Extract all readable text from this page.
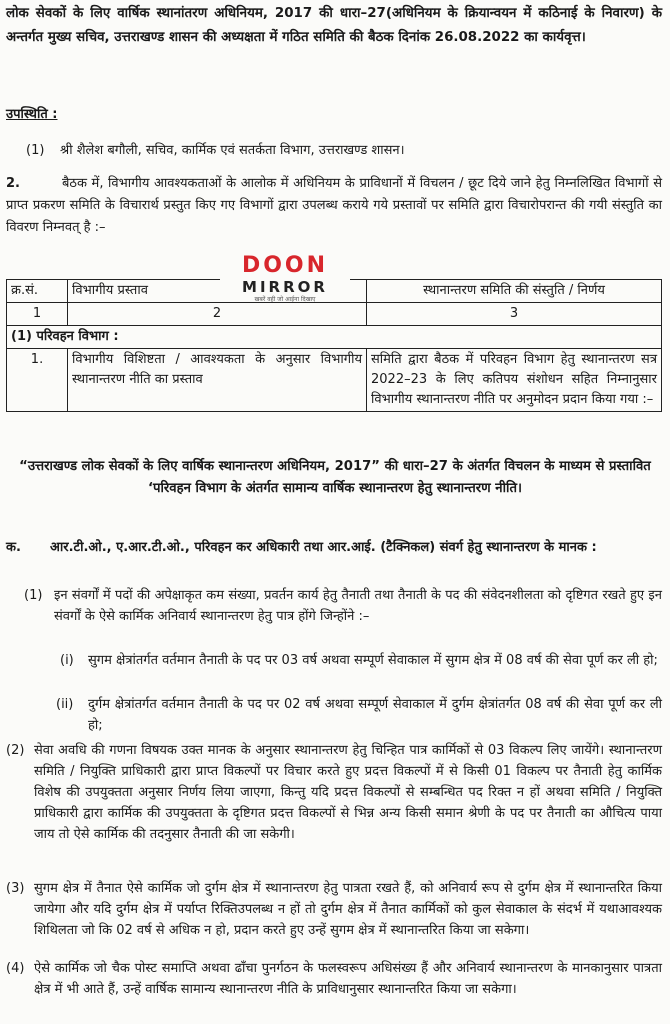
लोक सेवकों के लिए वार्षिक स्थानांतरण अधिनियम, 2017 की धारा–27(अधिनियम के क्रियान्वयन में कठिनाई के निवारण) के अन्तर्गत मुख्य सचिव, उत्तराखण्ड शासन की अध्यक्षता में गठित समिति की बैठक दिनांक 26.08.2022 का कार्यवृत्त।
उपस्थिति :
(1) श्री शैलेश बगौली, सचिव, कार्मिक एवं सतर्कता विभाग, उत्तराखण्ड शासन।
2.	बैठक में, विभागीय आवश्यकताओं के आलोक में अधिनियम के प्राविधानों में विचलन / छूट दिये जाने हेतु निम्नलिखित विभागों से प्राप्त प्रकरण समिति के विचारार्थ प्रस्तुत किए गए विभागों द्वारा उपलब्ध कराये गये प्रस्तावों पर समिति द्वारा विचारोपरान्त की गयी संस्तुति का विवरण निम्नवत् है :–
क्र.सं.	विभागीय प्रस्ताव	स्थानान्तरण समिति की संस्तुति / निर्णय
1	2	3
(1) परिवहन विभाग :		
1.	विभागीय विशिष्टता / आवश्यकता के अनुसार विभागीय स्थानान्तरण नीति का प्रस्ताव	समिति द्वारा बैठक में परिवहन विभाग हेतु स्थानान्तरण सत्र 2022–23 के लिए कतिपय संशोधन सहित निम्नानुसार विभागीय स्थानान्तरण नीति पर अनुमोदन प्रदान किया गया :–
DOON
MIRROR
खबरें वही जो आईना दिखाए
“उत्तराखण्ड लोक सेवकों के लिए वार्षिक स्थानान्तरण अधिनियम, 2017” की धारा–27 के अंतर्गत विचलन के माध्यम से प्रस्तावित ‘परिवहन विभाग के अंतर्गत सामान्य वार्षिक स्थानान्तरण हेतु स्थानान्तरण नीति।
क. आर.टी.ओ., ए.आर.टी.ओ., परिवहन कर अधिकारी तथा आर.आई. (टैक्निकल) संवर्ग हेतु स्थानान्तरण के मानक :
(1) इन संवर्गों में पदों की अपेक्षाकृत कम संख्या, प्रवर्तन कार्य हेतु तैनाती तथा तैनाती के पद की संवेदनशीलता को दृष्टिगत रखते हुए इन संवर्गों के ऐसे कार्मिक अनिवार्य स्थानान्तरण हेतु पात्र होंगे जिन्होंने :–
(i) सुगम क्षेत्रांतर्गत वर्तमान तैनाती के पद पर 03 वर्ष अथवा सम्पूर्ण सेवाकाल में सुगम क्षेत्र में 08 वर्ष की सेवा पूर्ण कर ली हो;
(ii) दुर्गम क्षेत्रांतर्गत वर्तमान तैनाती के पद पर 02 वर्ष अथवा सम्पूर्ण सेवाकाल में दुर्गम क्षेत्रांतर्गत 08 वर्ष की सेवा पूर्ण कर ली हो;
(2) सेवा अवधि की गणना विषयक उक्त मानक के अनुसार स्थानान्तरण हेतु चिन्हित पात्र कार्मिकों से 03 विकल्प लिए जायेंगे। स्थानान्तरण समिति / नियुक्ति प्राधिकारी द्वारा प्राप्त विकल्पों पर विचार करते हुए प्रदत्त विकल्पों में से किसी 01 विकल्प पर तैनाती हेतु कार्मिक विशेष की उपयुक्तता अनुसार निर्णय लिया जाएगा, किन्तु यदि प्रदत्त विकल्पों से सम्बन्धित पद रिक्त न हों अथवा समिति / नियुक्ति प्राधिकारी द्वारा कार्मिक की उपयुक्तता के दृष्टिगत प्रदत्त विकल्पों से भिन्न अन्य किसी समान श्रेणी के पद पर तैनाती का औचित्य पाया जाय तो ऐसे कार्मिक की तदनुसार तैनाती की जा सकेगी।
(3) सुगम क्षेत्र में तैनात ऐसे कार्मिक जो दुर्गम क्षेत्र में स्थानान्तरण हेतु पात्रता रखते हैं, को अनिवार्य रूप से दुर्गम क्षेत्र में स्थानान्तरित किया जायेगा और यदि दुर्गम क्षेत्र में पर्याप्त रिक्तिउपलब्ध न हों तो दुर्गम क्षेत्र में तैनात कार्मिकों को कुल सेवाकाल के संदर्भ में यथाआवश्यक शिथिलता जो कि 02 वर्ष से अधिक न हो, प्रदान करते हुए उन्हें सुगम क्षेत्र में स्थानान्तरित किया जा सकेगा।
(4) ऐसे कार्मिक जो चैक पोस्ट समाप्ति अथवा ढाँचा पुनर्गठन के फलस्वरूप अधिसंख्य हैं और अनिवार्य स्थानान्तरण के मानकानुसार पात्रता क्षेत्र में भी आते हैं, उन्हें वार्षिक सामान्य स्थानान्तरण नीति के प्राविधानुसार स्थानान्तरित किया जा सकेगा।
